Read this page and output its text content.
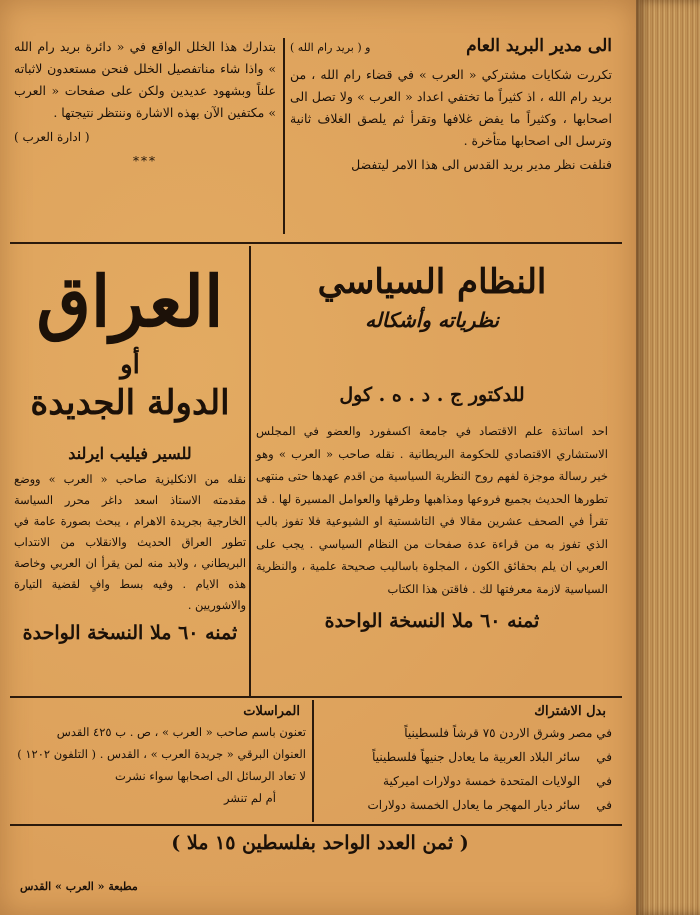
الى مدير البريد العام
و ( بريد رام الله )

تكررت شكايات مشتركي « العرب » في قضاء رام الله ، من بريد رام الله ، اذ كثيراً ما تختفي اعداد « العرب » ولا تصل الى اصحابها ، وكثيراً ما يفض غلافها وتقرأ ثم يلصق الغلاف ثانية وترسل الى اصحابها متأخرة .

فنلفت نظر مدير بريد القدس الى هذا الامر ليتفضل

بتدارك هذا الخلل الواقع في « دائرة بريد رام الله » واذا شاء مناتفصيل الخلل فنحن مستعدون لاثباته علناً وبشهود عديدين ولكن على صفحات « العرب » مكتفين الآن بهذه الاشارة وننتظر نتيجتها .

( ادارة العرب )
***
النظام السياسي
نظرياته وأشكاله
للدكتور ج . د . ه . كول

احد اساتذة علم الاقتصاد في جامعة اكسفورد والعضو في المجلس الاستشاري الاقتصادي للحكومة البريطانية . نقله صاحب « العرب » وهو خير رسالة موجزة لفهم روح النظرية السياسية من اقدم عهدها حتى منتهى تطورها الحديث بجميع فروعها ومذاهبها وطرقها والعوامل المسيرة لها . قد تقرأ في الصحف عشرين مقالا في التاشستية او الشيوعية فلا تفوز بالب الذي تفوز به من قراءة عدة صفحات من النظام السياسي . يجب على العربي ان يلم بحقائق الكون ، المجلوة باساليب صحيحة علمية ، والنظرية السياسية لازمة معرفتها لك . فاقتن هذا الكتاب

ثمنه ٦٠ ملا النسخة الواحدة
العراق
أو
الدولة الجديدة
للسير فيليب ايرلند

نقله من الانكليزية صاحب « العرب » ووضع مقدمته الاستاذ اسعد داغر محرر السياسة الخارجية بجريدة الاهرام ، يبحث بصورة عامة في تطور العراق الحديث والانقلاب من الانتداب البريطاني ، ولابد منه لمن يقرأ ان العربي وخاصة هذه الايام . وفيه بسط وافٍ لقضية التيارة والاشوريين .

ثمنه ٦٠ ملا النسخة الواحدة
بدل الاشتراك
في مصر وشرق الاردن ٧٥ قرشاً فلسطينياً
في سائر البلاد العربية ما يعادل جنيهاً فلسطينياً
في الولايات المتحدة خمسة دولارات اميركية
في سائر ديار المهجر ما يعادل الخمسة دولارات
المراسلات
تعنون باسم صاحب « العرب » ، ص . ب ٤٢٥ القدس
العنوان البرقي « جريدة العرب » ، القدس . ( التلفون ١٢٠٢ )
لا تعاد الرسائل الى اصحابها سواء نشرت
أم لم تنشر
( ثمن العدد الواحد بفلسطين ١٥ ملا )
مطبعة « العرب » القدس
